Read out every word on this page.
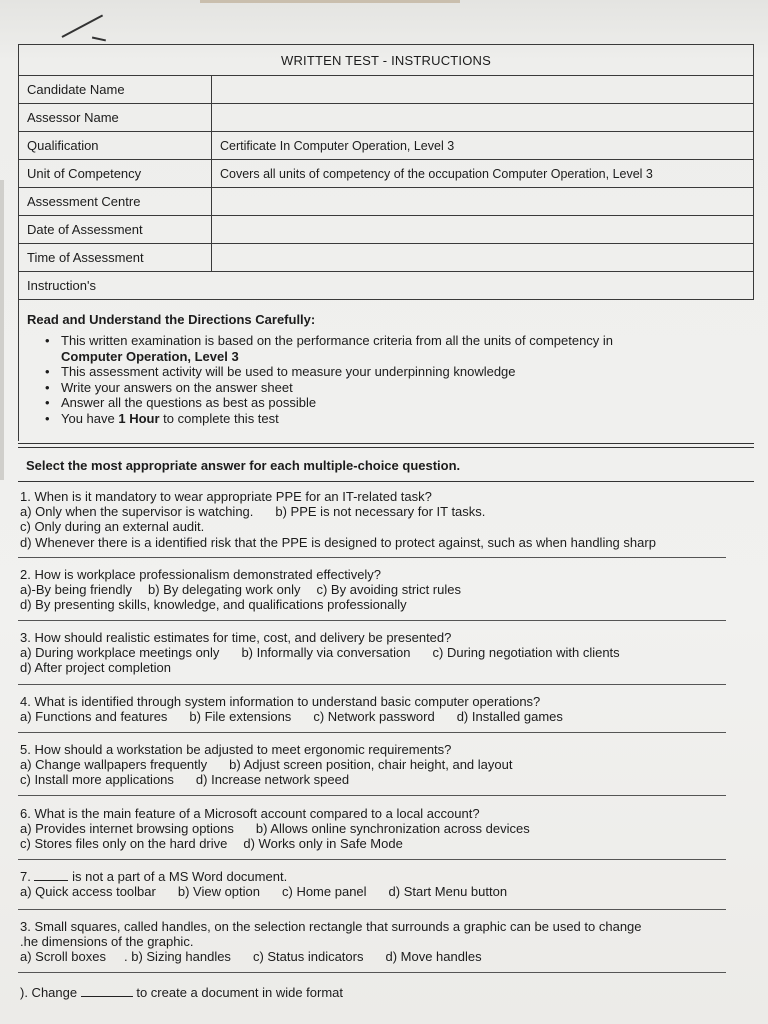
WRITTEN TEST - INSTRUCTIONS	
Candidate Name	
Assessor Name	
Qualification	Certificate In Computer Operation, Level 3
Unit of Competency	Covers all units of competency of the occupation Computer Operation, Level 3
Assessment Centre	
Date of Assessment	
Time of Assessment	
Instruction's	
Read and Understand the Directions Carefully:
• This written examination is based on the performance criteria from all the units of competency in
Computer Operation, Level 3
• This assessment activity will be used to measure your underpinning knowledge
• Write your answers on the answer sheet
• Answer all the questions as best as possible
• You have 1 Hour to complete this test
Select the most appropriate answer for each multiple-choice question.
1. When is it mandatory to wear appropriate PPE for an IT-related task?
a) Only when the supervisor is watching. b) PPE is not necessary for IT tasks.
c) Only during an external audit.
d) Whenever there is a identified risk that the PPE is designed to protect against, such as when handling sharp
2. How is workplace professionalism demonstrated effectively?
a)-By being friendly b) By delegating work only c) By avoiding strict rules
d) By presenting skills, knowledge, and qualifications professionally
3. How should realistic estimates for time, cost, and delivery be presented?
a) During workplace meetings only b) Informally via conversation c) During negotiation with clients
d) After project completion
4. What is identified through system information to understand basic computer operations?
a) Functions and features b) File extensions c) Network password d) Installed games
5. How should a workstation be adjusted to meet ergonomic requirements?
a) Change wallpapers frequently b) Adjust screen position, chair height, and layout
c) Install more applications d) Increase network speed
6. What is the main feature of a Microsoft account compared to a local account?
a) Provides internet browsing options b) Allows online synchronization across devices
c) Stores files only on the hard drive d) Works only in Safe Mode
7.	is not a part of a MS Word document.
a) Quick access toolbar b) View option c) Home panel d) Start Menu button
3. Small squares, called handles, on the selection rectangle that surrounds a graphic can be used to change
.he dimensions of the graphic.
a) Scroll boxes . b) Sizing handles c) Status indicators d) Move handles
). Change	to create a document in wide format
